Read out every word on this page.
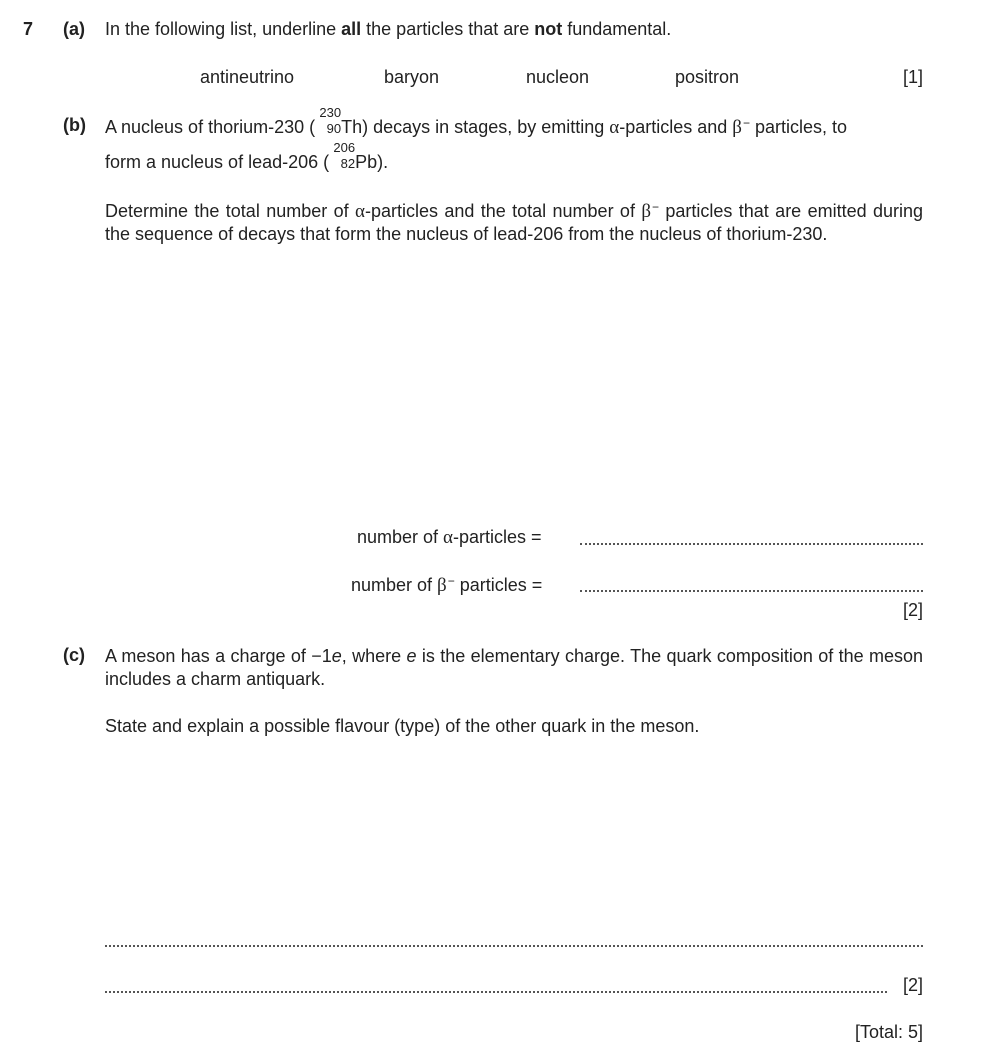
7 (a) In the following list, underline all the particles that are not fundamental.
antineutrino	baryon	nucleon	positron	[1]
(b) A nucleus of thorium-230 (
230
90 Th) decays in stages, by emitting α-particles and β− particles, to
form a nucleus of lead-206 (
206
82 Pb).
Determine the total number of α-particles and the total number of β− particles that are emitted during the sequence of decays that form the nucleus of lead-206 from the nucleus of thorium-230.
number of α-particles =
number of β− particles =
[2]
(c) A meson has a charge of −1e, where e is the elementary charge. The quark composition of the meson includes a charm antiquark.
State and explain a possible flavour (type) of the other quark in the meson.
[2]
[Total: 5]
